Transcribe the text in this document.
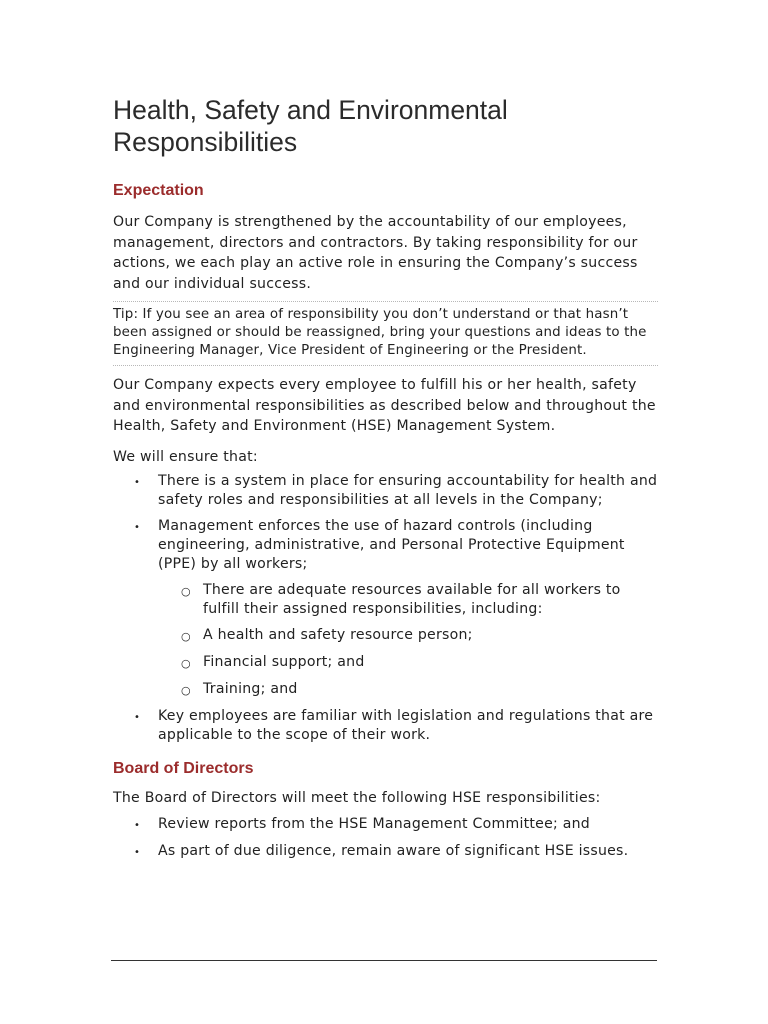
Health, Safety and Environmental Responsibilities
Expectation

Our Company is strengthened by the accountability of our employees, management, directors and contractors. By taking responsibility for our actions, we each play an active role in ensuring the Company’s success and our individual success.

Tip: If you see an area of responsibility you don’t understand or that hasn’t been assigned or should be reassigned, bring your questions and ideas to the Engineering Manager, Vice President of Engineering or the President.

Our Company expects every employee to fulfill his or her health, safety and environmental responsibilities as described below and throughout the Health, Safety and Environment (HSE) Management System.

We will ensure that:

• There is a system in place for ensuring accountability for health and safety roles and responsibilities at all levels in the Company;
• Management enforces the use of hazard controls (including engineering, administrative, and Personal Protective Equipment (PPE) by all workers;
○ There are adequate resources available for all workers to fulfill their assigned responsibilities, including:
○ A health and safety resource person;
○ Financial support; and
○ Training; and
• Key employees are familiar with legislation and regulations that are applicable to the scope of their work.
Board of Directors

The Board of Directors will meet the following HSE responsibilities:

• Review reports from the HSE Management Committee; and
• As part of due diligence, remain aware of significant HSE issues.
